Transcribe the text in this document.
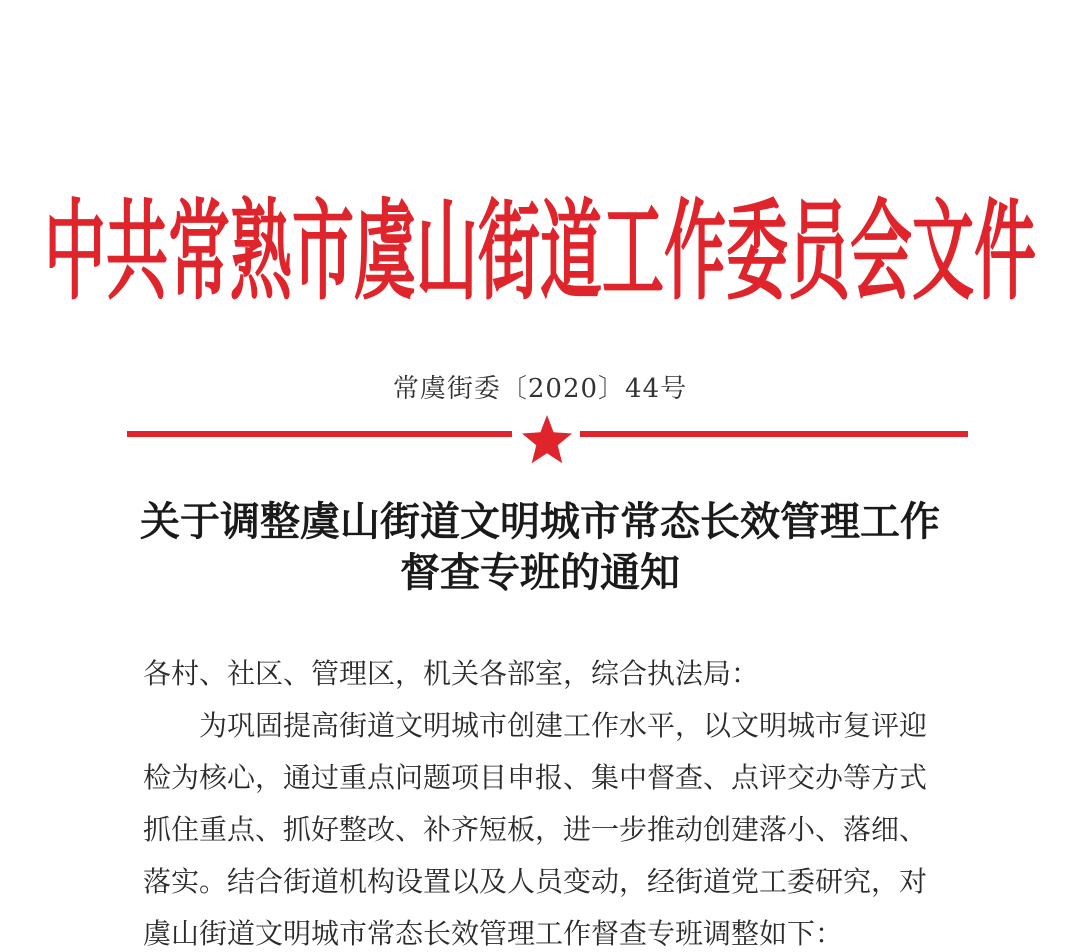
中共常熟市虞山街道工作委员会文件
常虞街委〔2020〕44号
关于调整虞山街道文明城市常态长效管理工作
督查专班的通知
各村、社区、管理区，机关各部室，综合执法局：
为巩固提高街道文明城市创建工作水平，以文明城市复评迎
检为核心，通过重点问题项目申报、集中督查、点评交办等方式
抓住重点、抓好整改、补齐短板，进一步推动创建落小、落细、
落实。结合街道机构设置以及人员变动，经街道党工委研究，对
虞山街道文明城市常态长效管理工作督查专班调整如下：
